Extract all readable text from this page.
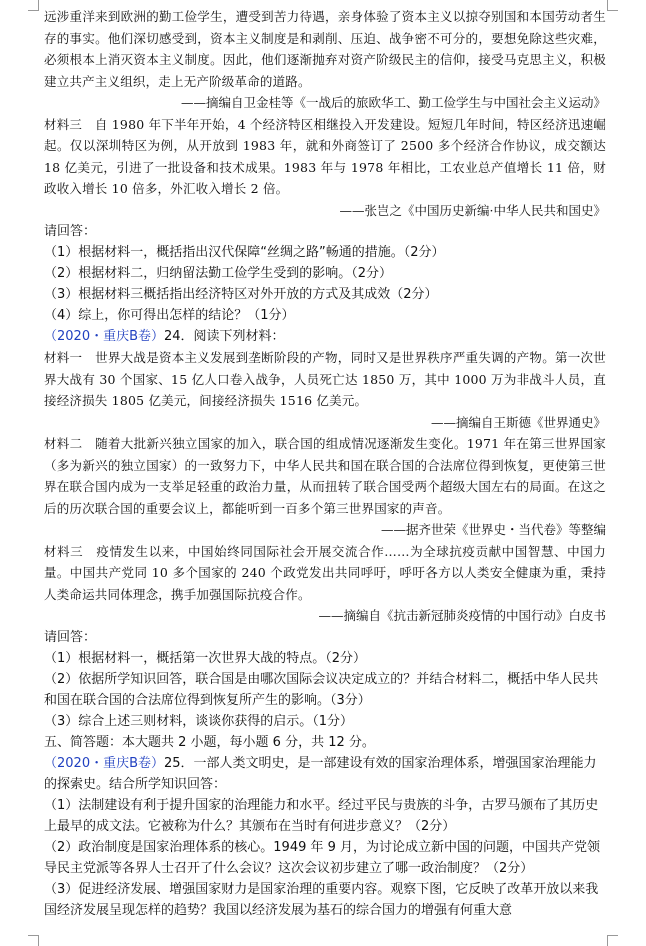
远涉重洋来到欧洲的勤工俭学生，遭受到苦力待遇，亲身体验了资本主义以掠夺别国和本国劳动者生存的事实。他们深切感受到，资本主义制度是和剥削、压迫、战争密不可分的，要想免除这些灾难，必须根本上消灭资本主义制度。因此，他们逐渐抛弃对资产阶级民主的信仰，接受马克思主义，积极建立共产主义组织，走上无产阶级革命的道路。
——摘编自卫金桂等《一战后的旅欧华工、勤工俭学生与中国社会主义运动》
材料三　自 1980 年下半年开始，4 个经济特区相继投入开发建设。短短几年时间，特区经济迅速崛起。仅以深圳特区为例，从开放到 1983 年，就和外商签订了 2500 多个经济合作协议，成交额达 18 亿美元，引进了一批设备和技术成果。1983 年与 1978 年相比，工农业总产值增长 11 倍，财政收入增长 10 倍多，外汇收入增长 2 倍。
——张岂之《中国历史新编·中华人民共和国史》
请回答：
（1）根据材料一，概括指出汉代保障“丝绸之路”畅通的措施。（2分）
（2）根据材料二，归纳留法勤工俭学生受到的影响。（2分）
（3）根据材料三概括指出经济特区对外开放的方式及其成效（2分）
（4）综上，你可得出怎样的结论？（1分）
（2020・重庆B卷）24．阅读下列材料：
材料一　世界大战是资本主义发展到垄断阶段的产物，同时又是世界秩序严重失调的产物。第一次世界大战有 30 个国家、15 亿人口卷入战争，人员死亡达 1850 万，其中 1000 万为非战斗人员，直接经济损失 1805 亿美元，间接经济损失 1516 亿美元。
——摘编自王斯德《世界通史》
材料二　随着大批新兴独立国家的加入，联合国的组成情况逐渐发生变化。1971 年在第三世界国家（多为新兴的独立国家）的一致努力下，中华人民共和国在联合国的合法席位得到恢复，更使第三世界在联合国内成为一支举足轻重的政治力量，从而扭转了联合国受两个超级大国左右的局面。在这之后的历次联合国的重要会议上，都能听到一百多个第三世界国家的声音。
——据齐世荣《世界史・当代卷》等整编
材料三　疫情发生以来，中国始终同国际社会开展交流合作……为全球抗疫贡献中国智慧、中国力量。中国共产党同 10 多个国家的 240 个政党发出共同呼吁，呼吁各方以人类安全健康为重，秉持人类命运共同体理念，携手加强国际抗疫合作。
——摘编自《抗击新冠肺炎疫情的中国行动》白皮书
请回答：
（1）根据材料一，概括第一次世界大战的特点。（2分）
（2）依据所学知识回答，联合国是由哪次国际会议决定成立的？并结合材料二，概括中华人民共和国在联合国的合法席位得到恢复所产生的影响。（3分）
（3）综合上述三则材料，谈谈你获得的启示。（1分）
五、简答题：本大题共 2 小题，每小题 6 分，共 12 分。
（2020・重庆B卷）25．一部人类文明史，是一部建设有效的国家治理体系，增强国家治理能力的探索史。结合所学知识回答：
（1）法制建设有利于提升国家的治理能力和水平。经过平民与贵族的斗争，古罗马颁布了其历史上最早的成文法。它被称为什么？其颁布在当时有何进步意义？（2分）
（2）政治制度是国家治理体系的核心。1949 年 9 月，为讨论成立新中国的问题，中国共产党领导民主党派等各界人士召开了什么会议？这次会议初步建立了哪一政治制度？（2分）
（3）促进经济发展、增强国家财力是国家治理的重要内容。观察下图，它反映了改革开放以来我国经济发展呈现怎样的趋势？我国以经济发展为基石的综合国力的增强有何重大意
